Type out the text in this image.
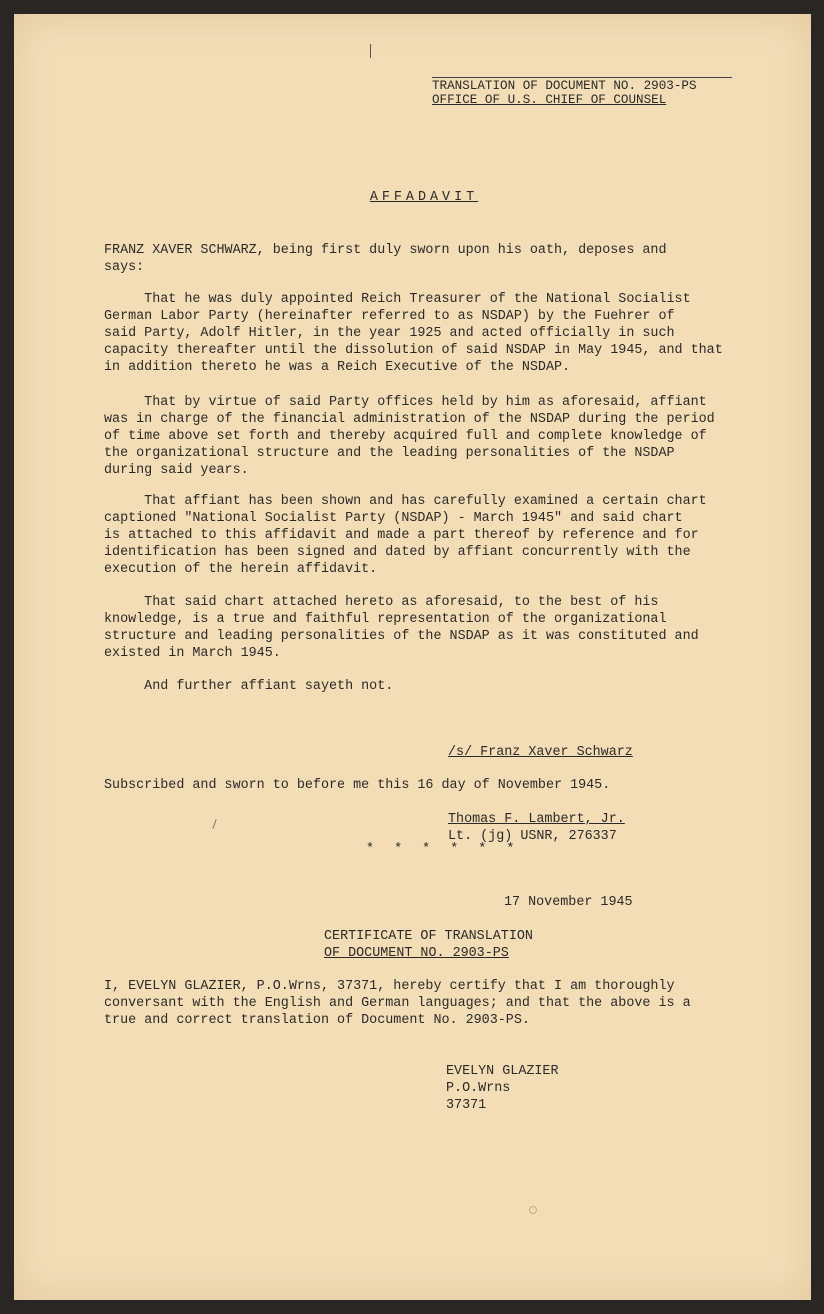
TRANSLATION OF DOCUMENT NO. 2903-PS
OFFICE OF U.S. CHIEF OF COUNSEL
AFFADAVIT
FRANZ XAVER SCHWARZ, being first duly sworn upon his oath, deposes and
says:
That he was duly appointed Reich Treasurer of the National Socialist
German Labor Party (hereinafter referred to as NSDAP) by the Fuehrer of
said Party, Adolf Hitler, in the year 1925 and acted officially in such
capacity thereafter until the dissolution of said NSDAP in May 1945, and that
in addition thereto he was a Reich Executive of the NSDAP.
That by virtue of said Party offices held by him as aforesaid, affiant
was in charge of the financial administration of the NSDAP during the period
of time above set forth and thereby acquired full and complete knowledge of
the organizational structure and the leading personalities of the NSDAP
during said years.
That affiant has been shown and has carefully examined a certain chart
captioned "National Socialist Party (NSDAP) - March 1945" and said chart
is attached to this affidavit and made a part thereof by reference and for
identification has been signed and dated by affiant concurrently with the
execution of the herein affidavit.
That said chart attached hereto as aforesaid, to the best of his
knowledge, is a true and faithful representation of the organizational
structure and leading personalities of the NSDAP as it was constituted and
existed in March 1945.
And further affiant sayeth not.
/s/ Franz Xaver Schwarz
Subscribed and sworn to before me this 16 day of November 1945.
Thomas F. Lambert, Jr.
Lt. (jg) USNR, 276337
* * * * * *
17 November 1945
CERTIFICATE OF TRANSLATION
OF DOCUMENT NO. 2903-PS
I, EVELYN GLAZIER, P.O.Wrns, 37371, hereby certify that I am thoroughly
conversant with the English and German languages; and that the above is a
true and correct translation of Document No. 2903-PS.
EVELYN GLAZIER
P.O.Wrns
37371
